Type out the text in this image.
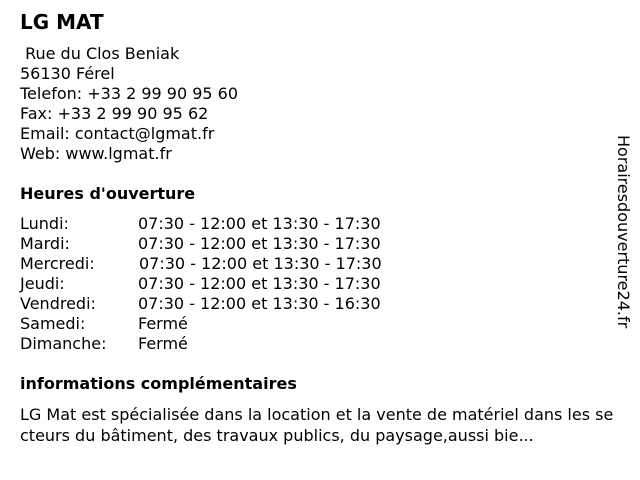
LG MAT
Rue du Clos Beniak
56130 Férel
Telefon: +33 2 99 90 95 60
Fax: +33 2 99 90 95 62
Email: contact@lgmat.fr
Web: www.lgmat.fr
Heures d'ouverture
Lundi:	07:30 - 12:00 et 13:30 - 17:30
Mardi:	07:30 - 12:00 et 13:30 - 17:30
Mercredi:	07:30 - 12:00 et 13:30 - 17:30
Jeudi:	07:30 - 12:00 et 13:30 - 17:30
Vendredi:	07:30 - 12:00 et 13:30 - 16:30
Samedi:	Fermé
Dimanche: Fermé
informations complémentaires

LG Mat est spécialisée dans la location et la vente de matériel dans les secteurs du bâtiment, des travaux publics, du paysage,aussi bie...

Horairesdouverture24.fr
